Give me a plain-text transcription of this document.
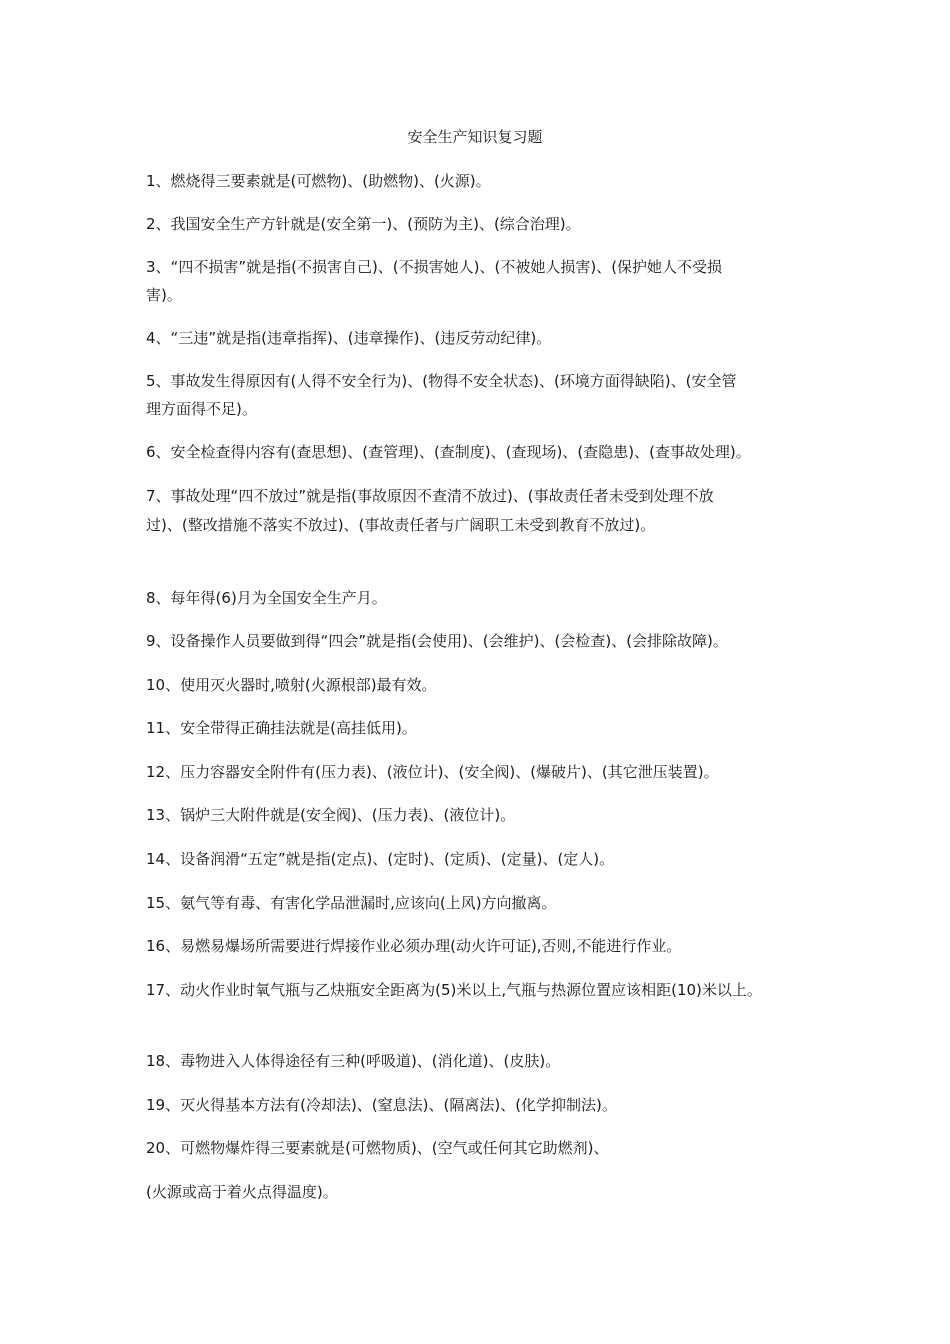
安全生产知识复习题
1、燃烧得三要素就是(可燃物)、(助燃物)、(火源)。
2、我国安全生产方针就是(安全第一)、(预防为主)、(综合治理)。
3、“四不损害”就是指(不损害自己)、(不损害她人)、(不被她人损害)、(保护她人不受损
害)。
4、“三违”就是指(违章指挥)、(违章操作)、(违反劳动纪律)。
5、事故发生得原因有(人得不安全行为)、(物得不安全状态)、(环境方面得缺陷)、(安全管
理方面得不足)。
6、安全检查得内容有(查思想)、(查管理)、(查制度)、(查现场)、(查隐患)、(查事故处理)。
7、事故处理“四不放过”就是指(事故原因不查清不放过)、(事故责任者未受到处理不放
过)、(整改措施不落实不放过)、(事故责任者与广阔职工未受到教育不放过)。
8、每年得(6)月为全国安全生产月。
9、设备操作人员要做到得“四会”就是指(会使用)、(会维护)、(会检查)、(会排除故障)。
10、使用灭火器时,喷射(火源根部)最有效。
11、安全带得正确挂法就是(高挂低用)。
12、压力容器安全附件有(压力表)、(液位计)、(安全阀)、(爆破片)、(其它泄压装置)。
13、锅炉三大附件就是(安全阀)、(压力表)、(液位计)。
14、设备润滑“五定”就是指(定点)、(定时)、(定质)、(定量)、(定人)。
15、氨气等有毒、有害化学品泄漏时,应该向(上风)方向撤离。
16、易燃易爆场所需要进行焊接作业必须办理(动火许可证),否则,不能进行作业。
17、动火作业时氧气瓶与乙炔瓶安全距离为(5)米以上,气瓶与热源位置应该相距(10)米以上。
18、毒物进入人体得途径有三种(呼吸道)、(消化道)、(皮肤)。
19、灭火得基本方法有(冷却法)、(窒息法)、(隔离法)、(化学抑制法)。
20、可燃物爆炸得三要素就是(可燃物质)、(空气或任何其它助燃剂)、
(火源或高于着火点得温度)。
